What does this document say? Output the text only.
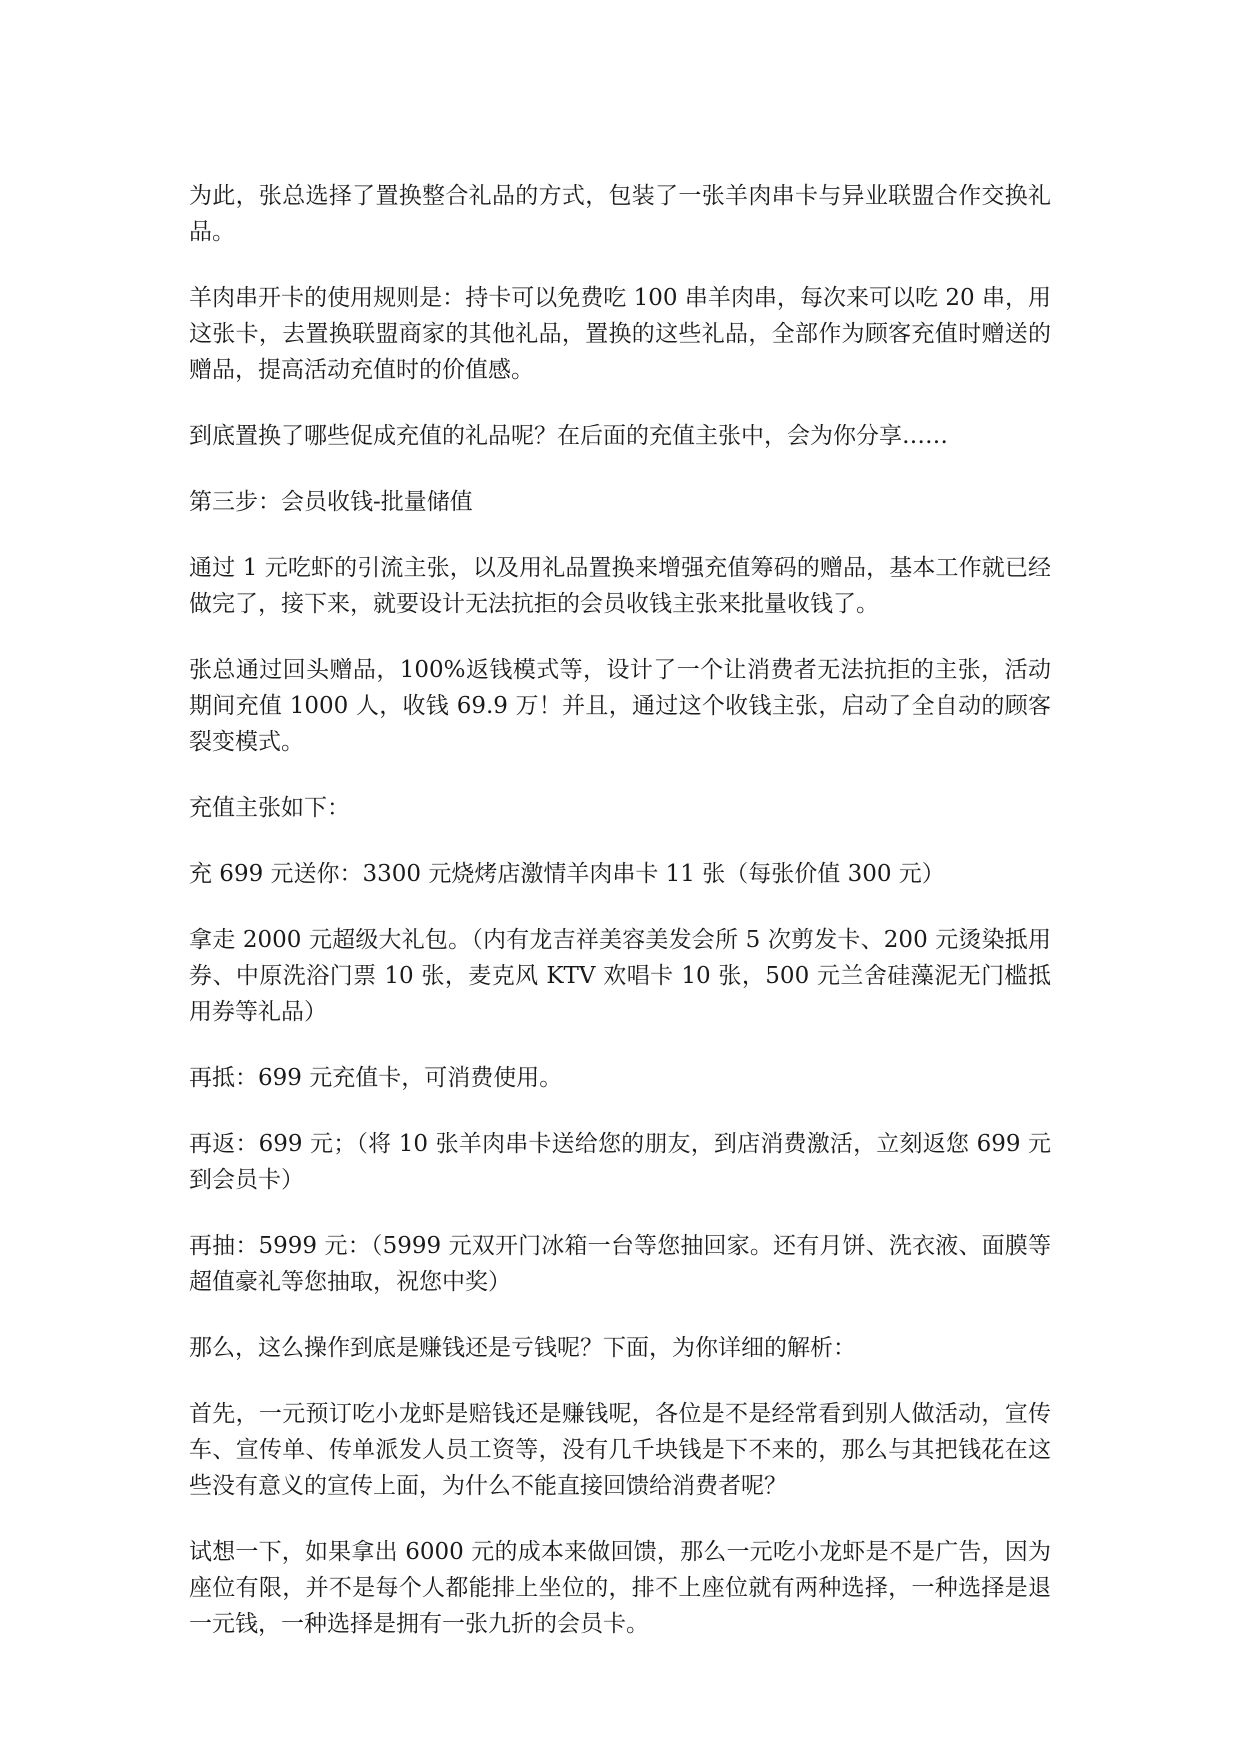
为此，张总选择了置换整合礼品的方式，包装了一张羊肉串卡与异业联盟合作交换礼品。

羊肉串开卡的使用规则是：持卡可以免费吃 100 串羊肉串，每次来可以吃 20 串，用这张卡，去置换联盟商家的其他礼品，置换的这些礼品，全部作为顾客充值时赠送的赠品，提高活动充值时的价值感。

到底置换了哪些促成充值的礼品呢？在后面的充值主张中，会为你分享……

第三步：会员收钱-批量储值

通过 1 元吃虾的引流主张，以及用礼品置换来增强充值筹码的赠品，基本工作就已经做完了，接下来，就要设计无法抗拒的会员收钱主张来批量收钱了。

张总通过回头赠品，100%返钱模式等，设计了一个让消费者无法抗拒的主张，活动期间充值 1000 人，收钱 69.9 万！并且，通过这个收钱主张，启动了全自动的顾客裂变模式。

充值主张如下：

充 699 元送你：3300 元烧烤店激情羊肉串卡 11 张（每张价值 300 元）

拿走 2000 元超级大礼包。（内有龙吉祥美容美发会所 5 次剪发卡、200 元烫染抵用券、中原洗浴门票 10 张，麦克风 KTV 欢唱卡 10 张，500 元兰舍硅藻泥无门槛抵用券等礼品）

再抵：699 元充值卡，可消费使用。

再返：699 元；（将 10 张羊肉串卡送给您的朋友，到店消费激活，立刻返您 699 元到会员卡）

再抽：5999 元：（5999 元双开门冰箱一台等您抽回家。还有月饼、洗衣液、面膜等超值豪礼等您抽取，祝您中奖）

那么，这么操作到底是赚钱还是亏钱呢？下面，为你详细的解析：

首先，一元预订吃小龙虾是赔钱还是赚钱呢，各位是不是经常看到别人做活动，宣传车、宣传单、传单派发人员工资等，没有几千块钱是下不来的，那么与其把钱花在这些没有意义的宣传上面，为什么不能直接回馈给消费者呢？

试想一下，如果拿出 6000 元的成本来做回馈，那么一元吃小龙虾是不是广告，因为座位有限，并不是每个人都能排上坐位的，排不上座位就有两种选择，一种选择是退一元钱，一种选择是拥有一张九折的会员卡。
